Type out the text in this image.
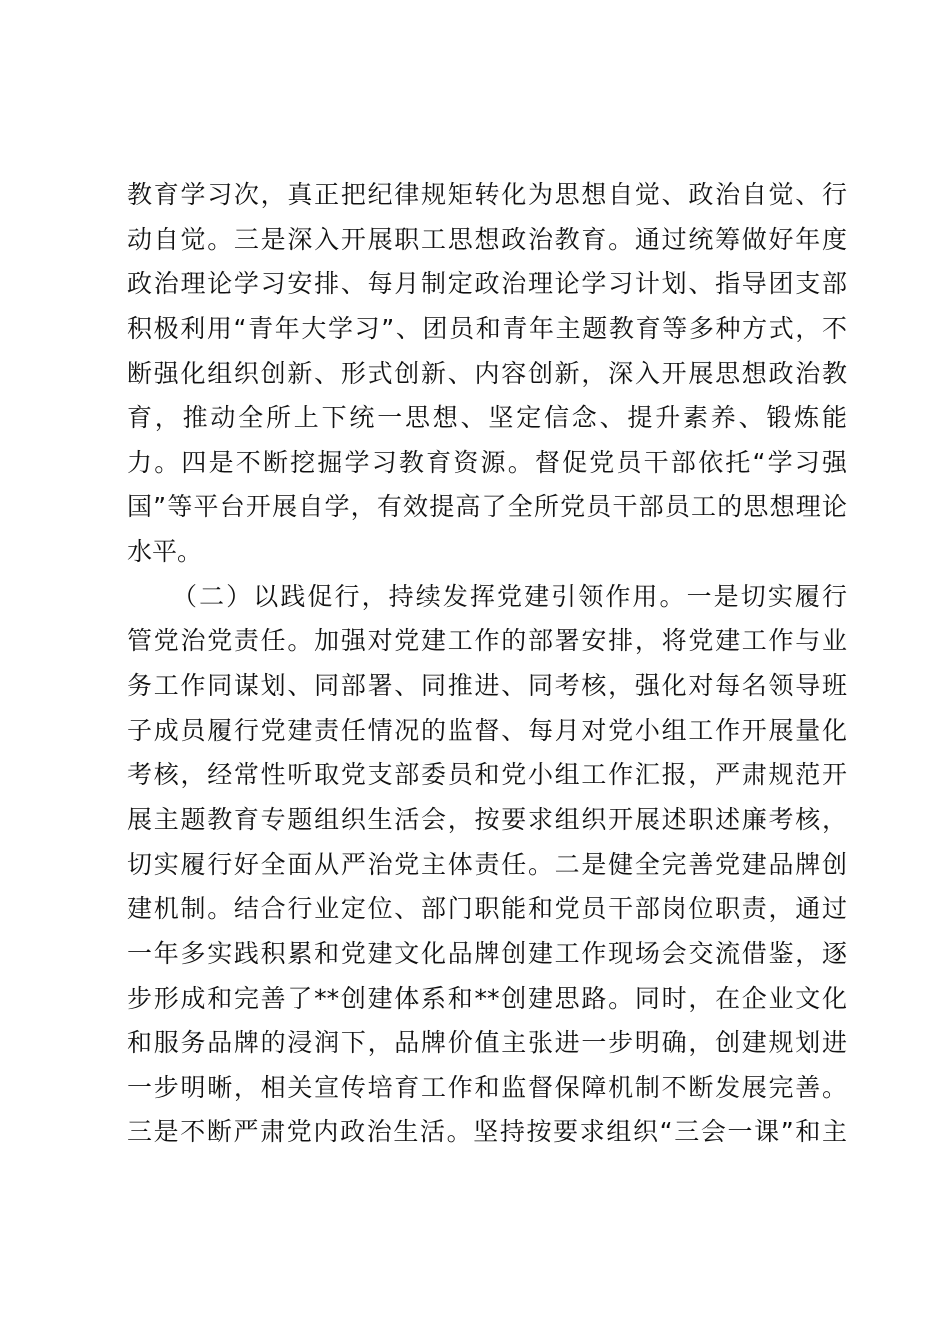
教育学习次，真正把纪律规矩转化为思想自觉、政治自觉、行
动自觉。三是深入开展职工思想政治教育。通过统筹做好年度
政治理论学习安排、每月制定政治理论学习计划、指导团支部
积极利用“青年大学习”、团员和青年主题教育等多种方式，不
断强化组织创新、形式创新、内容创新，深入开展思想政治教
育，推动全所上下统一思想、坚定信念、提升素养、锻炼能
力。四是不断挖掘学习教育资源。督促党员干部依托“学习强
国”等平台开展自学，有效提高了全所党员干部员工的思想理论
水平。
（二）以践促行，持续发挥党建引领作用。一是切实履行
管党治党责任。加强对党建工作的部署安排，将党建工作与业
务工作同谋划、同部署、同推进、同考核，强化对每名领导班
子成员履行党建责任情况的监督、每月对党小组工作开展量化
考核，经常性听取党支部委员和党小组工作汇报，严肃规范开
展主题教育专题组织生活会，按要求组织开展述职述廉考核，
切实履行好全面从严治党主体责任。二是健全完善党建品牌创
建机制。结合行业定位、部门职能和党员干部岗位职责，通过
一年多实践积累和党建文化品牌创建工作现场会交流借鉴，逐
步形成和完善了**创建体系和**创建思路。同时，在企业文化
和服务品牌的浸润下，品牌价值主张进一步明确，创建规划进
一步明晰，相关宣传培育工作和监督保障机制不断发展完善。
三是不断严肃党内政治生活。坚持按要求组织“三会一课”和主
